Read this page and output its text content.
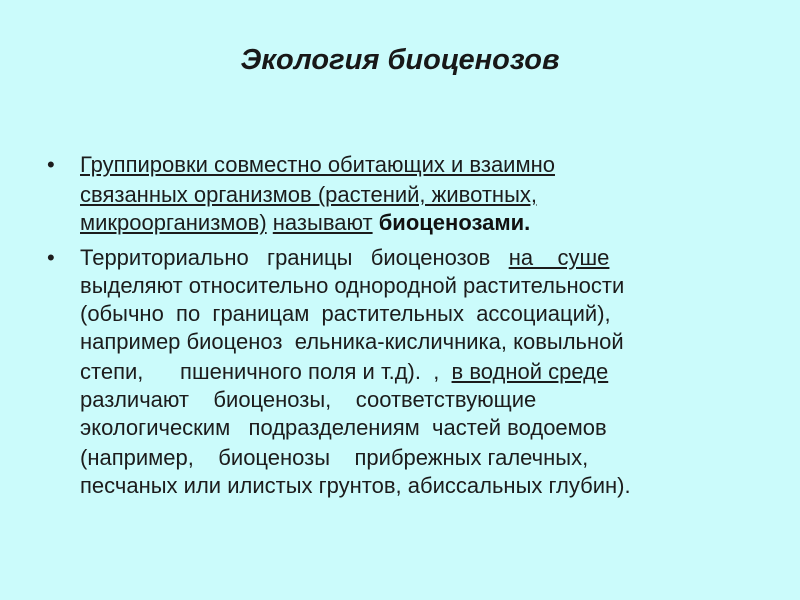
Экология биоценозов
• Группировки совместно обитающих и взаимно
связанных организмов (растений, животных,
микроорганизмов) называют биоценозами.
• Территориально   границы   биоценозов   на    суше
выделяют относительно однородной растительности
(обычно  по  границам  растительных  ассоциаций),
например биоценоз  ельника-кисличника, ковыльной
степи,      пшеничного поля и т.д).  ,  в водной среде
различают    биоценозы,    соответствующие
экологическим   подразделениям  частей водоемов
(например,    биоценозы    прибрежных галечных,
песчаных или илистых грунтов, абиссальных глубин).
